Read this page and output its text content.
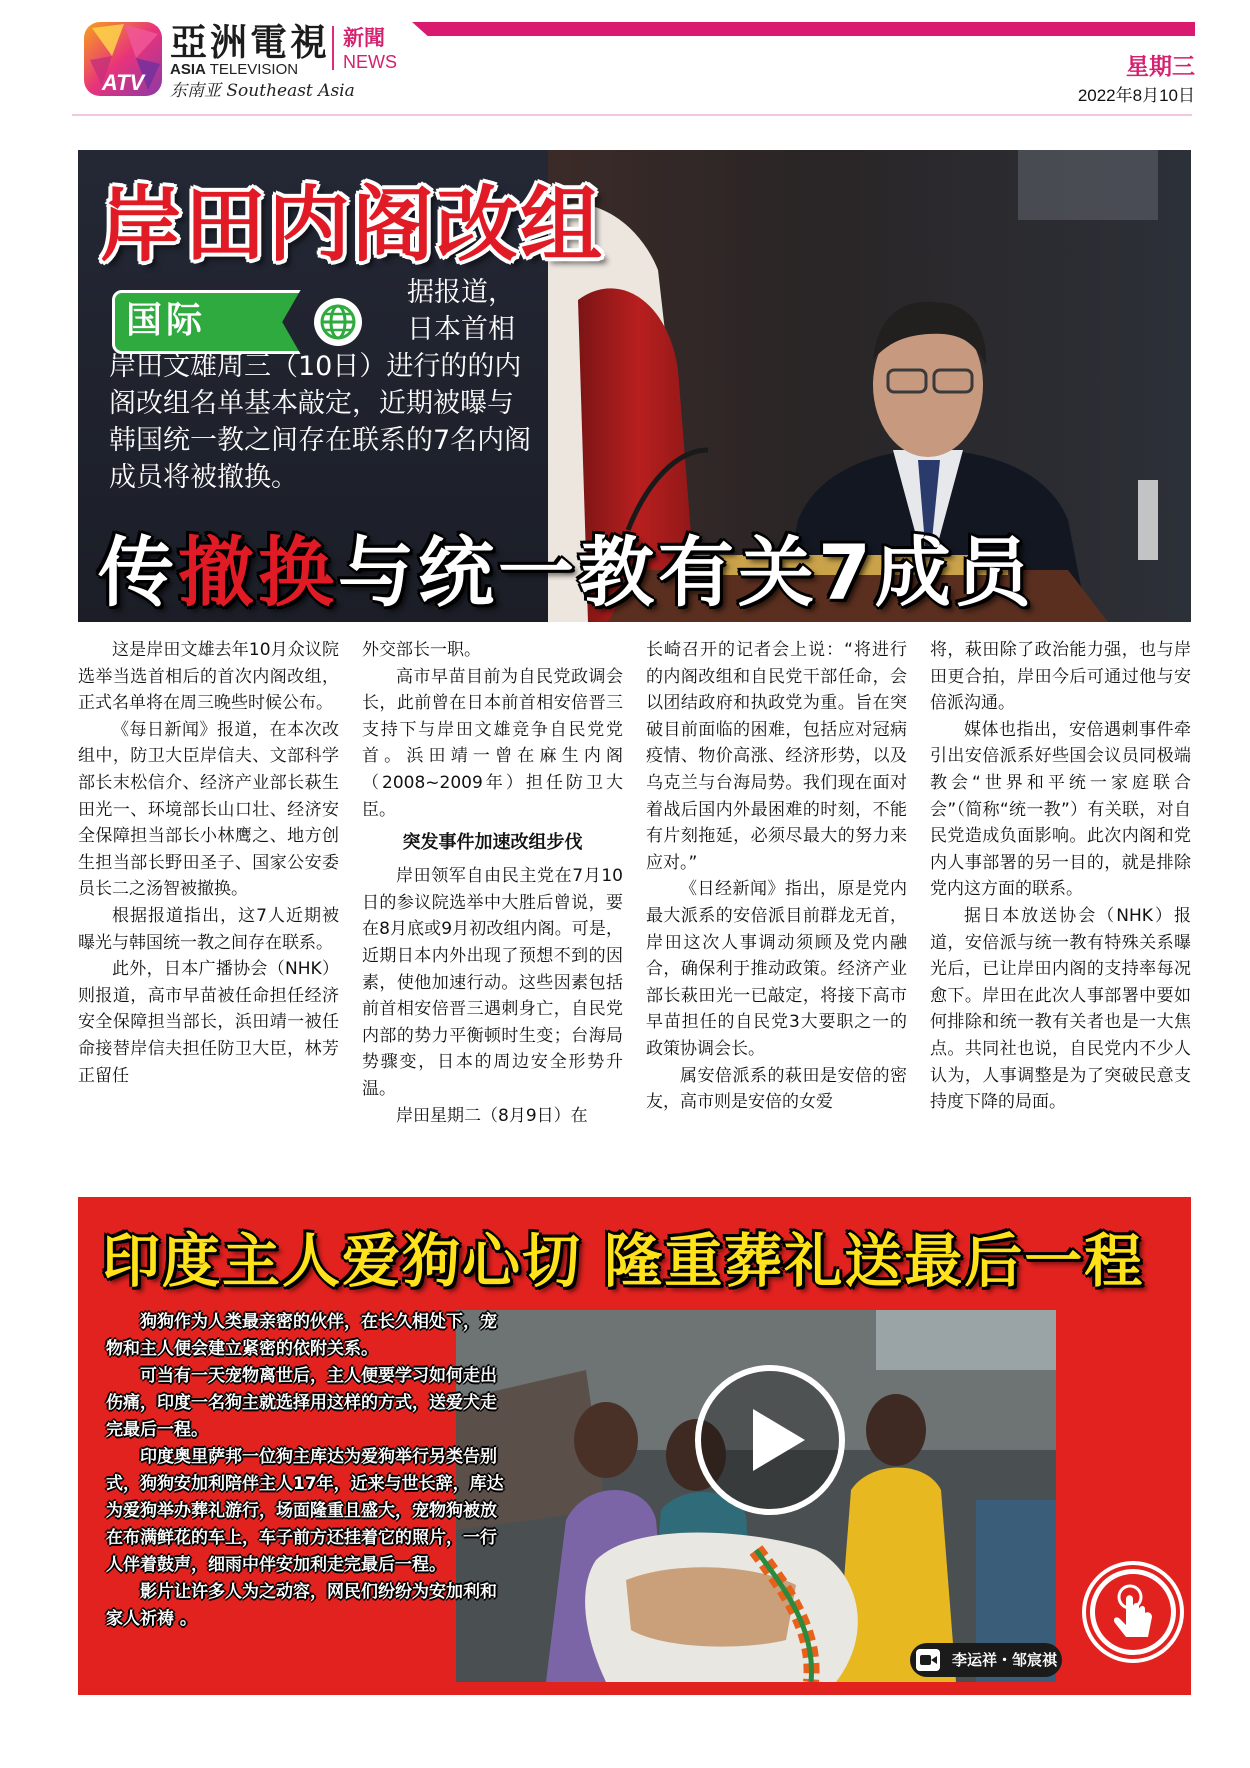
ATV
亞洲電視
ASIA TELEVISION
东南亚 Southeast Asia
新聞
NEWS	星期三
2022年8月10日
岸田内阁改组
国际
据报道，
日本首相
岸田文雄周三（10日）进行的的内阁改组名单基本敲定，近期被曝与韩国统一教之间存在联系的7名内阁成员将被撤换。
传撤换与统一教有关7成员

这是岸田文雄去年10月众议院选举当选首相后的首次内阁改组，正式名单将在周三晚些时候公布。

《每日新闻》报道，在本次改组中，防卫大臣岸信夫、文部科学部长末松信介、经济产业部长萩生田光一、环境部长山口壮、经济安全保障担当部长小林鹰之、地方创生担当部长野田圣子、国家公安委员长二之汤智被撤换。

根据报道指出，这7人近期被曝光与韩国统一教之间存在联系。

此外，日本广播协会（NHK）则报道，高市早苗被任命担任经济安全保障担当部长，浜田靖一被任命接替岸信夫担任防卫大臣，林芳正留任

外交部长一职。

高市早苗目前为自民党政调会长，此前曾在日本前首相安倍晋三支持下与岸田文雄竞争自民党党首。浜田靖一曾在麻生内阁（2008~2009年）担任防卫大臣。

突发事件加速改组步伐

岸田领军自由民主党在7月10日的参议院选举中大胜后曾说，要在8月底或9月初改组内阁。可是，近期日本内外出现了预想不到的因素，使他加速行动。这些因素包括前首相安倍晋三遇刺身亡，自民党内部的势力平衡顿时生变；台海局势骤变，日本的周边安全形势升温。

岸田星期二（8月9日）在

长崎召开的记者会上说：“将进行的内阁改组和自民党干部任命，会以团结政府和执政党为重。旨在突破目前面临的困难，包括应对冠病疫情、物价高涨、经济形势，以及乌克兰与台海局势。我们现在面对着战后国内外最困难的时刻，不能有片刻拖延，必须尽最大的努力来应对。”

《日经新闻》指出，原是党内最大派系的安倍派目前群龙无首，岸田这次人事调动须顾及党内融合，确保利于推动政策。经济产业部长萩田光一已敲定，将接下高市早苗担任的自民党3大要职之一的政策协调会长。

属安倍派系的萩田是安倍的密友，高市则是安倍的女爱

将，萩田除了政治能力强，也与岸田更合拍，岸田今后可通过他与安倍派沟通。

媒体也指出，安倍遇刺事件牵引出安倍派系好些国会议员同极端教会“世界和平统一家庭联合会”（简称“统一教”）有关联，对自民党造成负面影响。此次内阁和党内人事部署的另一目的，就是排除党内这方面的联系。

据日本放送协会（NHK）报道，安倍派与统一教有特殊关系曝光后，已让岸田内阁的支持率每况愈下。岸田在此次人事部署中要如何排除和统一教有关者也是一大焦点。共同社也说，自民党内不少人认为，人事调整是为了突破民意支持度下降的局面。

印度主人爱狗心切 隆重葬礼送最后一程

狗狗作为人类最亲密的伙伴，在长久相处下，宠物和主人便会建立紧密的依附关系。

可当有一天宠物离世后，主人便要学习如何走出伤痛，印度一名狗主就选择用这样的方式，送爱犬走完最后一程。

印度奥里萨邦一位狗主库达为爱狗举行另类告别式，狗狗安加利陪伴主人17年，近来与世长辞，库达为爱狗举办葬礼游行，场面隆重且盛大，宠物狗被放在布满鲜花的车上，车子前方还挂着它的照片，一行人伴着鼓声，细雨中伴安加利走完最后一程。

影片让许多人为之动容，网民们纷纷为安加利和家人祈祷 。

李运祥・邹宸祺
